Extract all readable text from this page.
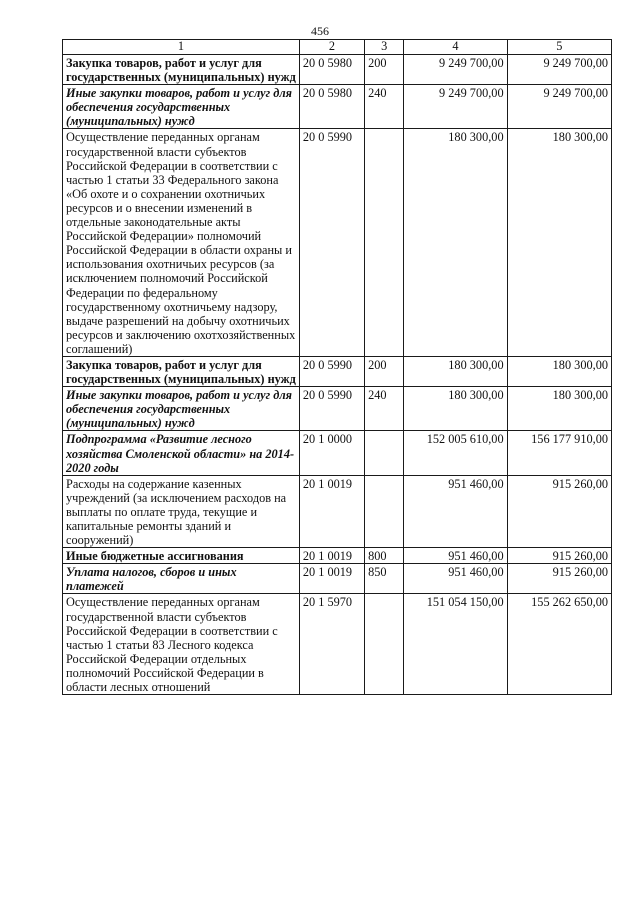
456
1	2	3	4	5
Закупка товаров, работ и услуг для государственных (муниципальных) нужд	20 0 5980	200	9 249 700,00	9 249 700,00
Иные закупки товаров, работ и услуг для обеспечения государственных (муниципальных) нужд	20 0 5980	240	9 249 700,00	9 249 700,00
Осуществление переданных органам государственной власти субъектов Российской Федерации в соответствии с частью 1 статьи 33 Федерального закона «Об охоте и о сохранении охотничьих ресурсов и о внесении изменений в отдельные законодательные акты Российской Федерации» полномочий Российской Федерации в области охраны и использования охотничьих ресурсов (за исключением полномочий Российской Федерации по федеральному государственному охотничьему надзору, выдаче разрешений на добычу охотничьих ресурсов и заключению охотхозяйственных соглашений)	20 0 5990		180 300,00	180 300,00
Закупка товаров, работ и услуг для государственных (муниципальных) нужд	20 0 5990	200	180 300,00	180 300,00
Иные закупки товаров, работ и услуг для обеспечения государственных (муниципальных) нужд	20 0 5990	240	180 300,00	180 300,00
Подпрограмма «Развитие лесного хозяйства Смоленской области» на 2014-2020 годы	20 1 0000		152 005 610,00	156 177 910,00
Расходы на содержание казенных учреждений (за исключением расходов на выплаты по оплате труда, текущие и капитальные ремонты зданий и сооружений)	20 1 0019		951 460,00	915 260,00
Иные бюджетные ассигнования	20 1 0019	800	951 460,00	915 260,00
Уплата налогов, сборов и иных платежей	20 1 0019	850	951 460,00	915 260,00
Осуществление переданных органам государственной власти субъектов Российской Федерации в соответствии с частью 1 статьи 83 Лесного кодекса Российской Федерации отдельных полномочий Российской Федерации в области лесных отношений	20 1 5970		151 054 150,00	155 262 650,00
